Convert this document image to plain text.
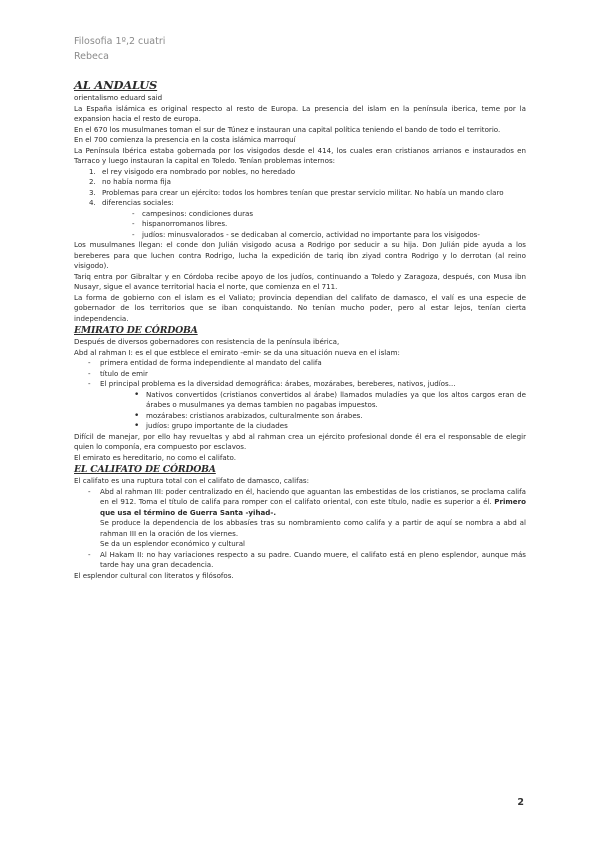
Filosofia 1º,2 cuatri
Rebeca
AL ANDALUS

orientalismo eduard said

La España islámica es original respecto al resto de Europa. La presencia del islam en la península iberica, teme por la expansion hacia el resto de europa.

En el 670 los musulmanes toman el sur de Túnez e instauran una capital política teniendo el bando de todo el territorio.

En el 700 comienza la presencia en la costa islámica marroquí

La Península Ibérica estaba gobernada por los visigodos desde el 414, los cuales eran cristianos arrianos e instaurados en Tarraco y luego instauran la capital en Toledo. Tenían problemas internos:

1. el rey visigodo era nombrado por nobles, no heredado
2. no había norma fija
3. Problemas para crear un ejército: todos los hombres tenían que prestar servicio militar. No había un mando claro
4. diferencias sociales:
- campesinos: condiciones duras
- hispanorromanos libres.
- judíos: minusvalorados - se dedicaban al comercio, actividad no importante para los visigodos-

Los musulmanes llegan: el conde don Julián visigodo acusa a Rodrigo por seducir a su hija. Don Julián pide ayuda a los bereberes para que luchen contra Rodrigo, lucha la expedición de tariq ibn ziyad contra Rodrigo y lo derrotan (al reino visigodo).

Tariq entra por Gibraltar y en Córdoba recibe apoyo de los judíos, continuando a Toledo y Zaragoza, después, con Musa ibn Nusayr, sigue el avance territorial hacia el norte, que comienza en el 711.

La forma de gobierno con el islam es el Valiato; provincia dependian del califato de damasco, el valí es una especie de gobernador de los territorios que se iban conquistando. No tenían mucho poder, pero al estar lejos, tenían cierta independencia.

EMIRATO DE CÓRDOBA

Después de diversos gobernadores con resistencia de la península ibérica,

Abd al rahman I: es el que estblece el emirato -emir- se da una situación nueva en el islam:

- primera entidad de forma independiente al mandato del califa
- título de emir
- El principal problema es la diversidad demográfica: árabes, mozárabes, bereberes, nativos, judíos...
• Nativos convertidos (cristianos convertidos al árabe) llamados muladíes ya que los altos cargos eran de árabes o musulmanes ya demas tambien no pagabas impuestos.
• mozárabes: cristianos arabizados, culturalmente son árabes.
• judíos: grupo importante de la ciudades

Difícil de manejar, por ello hay revueltas y abd al rahman crea un ejército profesional donde él era el responsable de elegir quien lo componía, era compuesto por esclavos.

El emirato es hereditario, no como el califato.

EL CALIFATO DE CÓRDOBA

El califato es una ruptura total con el califato de damasco, califas:

- Abd al rahman III: poder centralizado en él, haciendo que aguantan las embestidas de los cristianos, se proclama califa en el 912. Toma el título de califa para romper con el califato oriental, con este título, nadie es superior a él. Primero que usa el término de Guerra Santa -yihad-.
Se produce la dependencia de los abbasíes tras su nombramiento como califa y a partir de aquí se nombra a abd al rahman III en la oración de los viernes.
Se da un esplendor económico y cultural
- Al Hakam II: no hay variaciones respecto a su padre. Cuando muere, el califato está en pleno esplendor, aunque más tarde hay una gran decadencia.

El esplendor cultural con literatos y filósofos.

2
